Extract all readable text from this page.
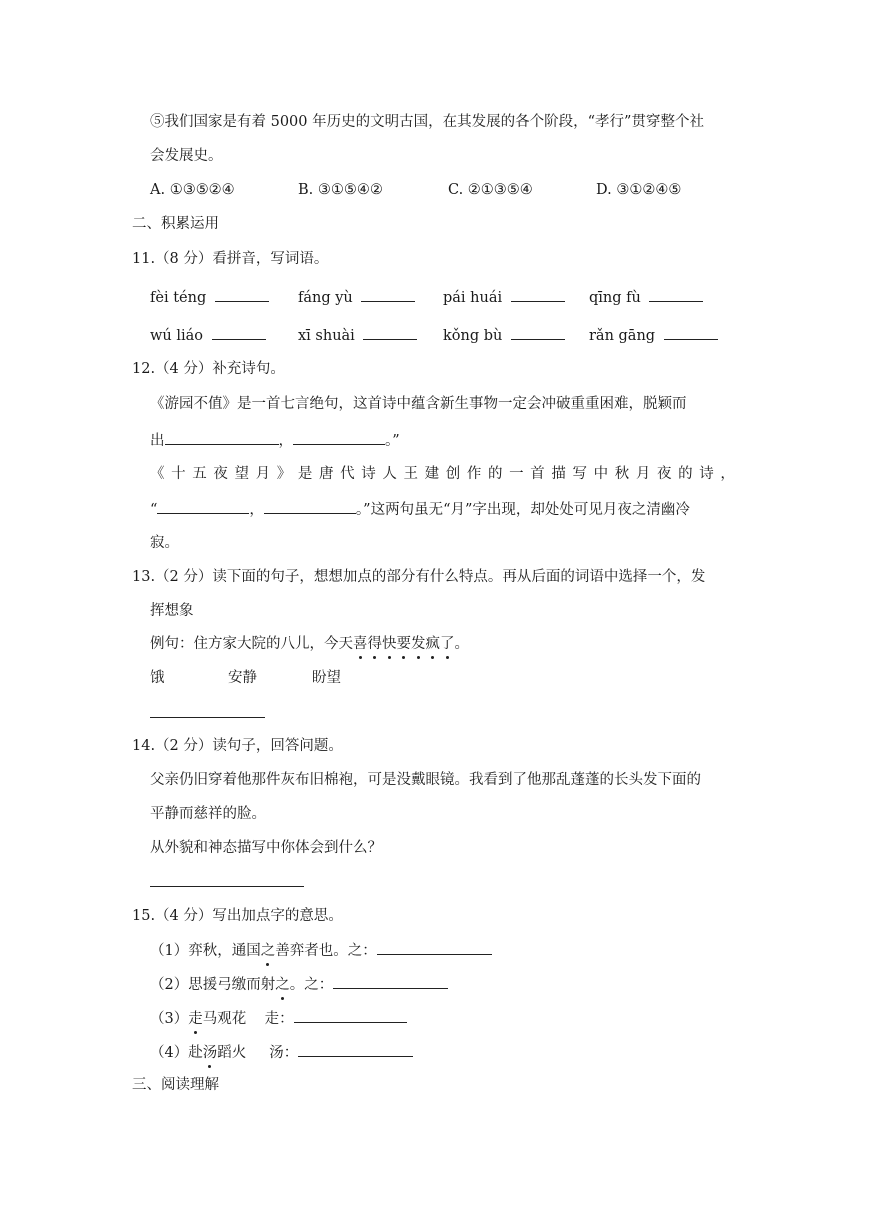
⑤我们国家是有着 5000 年历史的文明古国，在其发展的各个阶段，“孝行”贯穿整个社
会发展史。
A. ①③⑤②④	B. ③①⑤④②	C. ②①③⑤④	D. ③①②④⑤
二、积累运用
11.（8 分）看拼音，写词语。
fèi téng	fáng yù	pái huái	qīng fù
wú liáo	xī shuài	kǒng bù	rǎn gāng
12.（4 分）补充诗句。
《游园不值》是一首七言绝句，这首诗中蕴含新生事物一定会冲破重重困难，脱颖而
出	，	。”
《 十 五 夜 望 月 》 是 唐 代 诗 人 王 建 创 作 的 一 首 描 写 中 秋 月 夜 的 诗 ，
“	，	。”这两句虽无“月”字出现，却处处可见月夜之清幽冷
寂。
13.（2 分）读下面的句子，想想加点的部分有什么特点。再从后面的词语中选择一个，发
挥想象
例句：住方家大院的八儿，今天喜得快要发疯了。
饿	安静	盼望
14.（2 分）读句子，回答问题。
父亲仍旧穿着他那件灰布旧棉袍，可是没戴眼镜。我看到了他那乱蓬蓬的长头发下面的
平静而慈祥的脸。
从外貌和神态描写中你体会到什么？
15.（4 分）写出加点字的意思。
（1）弈秋，通国之善弈者也。之：
（2）思援弓缴而射之。之：
（3）走马观花    走：
（4）赴汤蹈火     汤：
三、阅读理解
